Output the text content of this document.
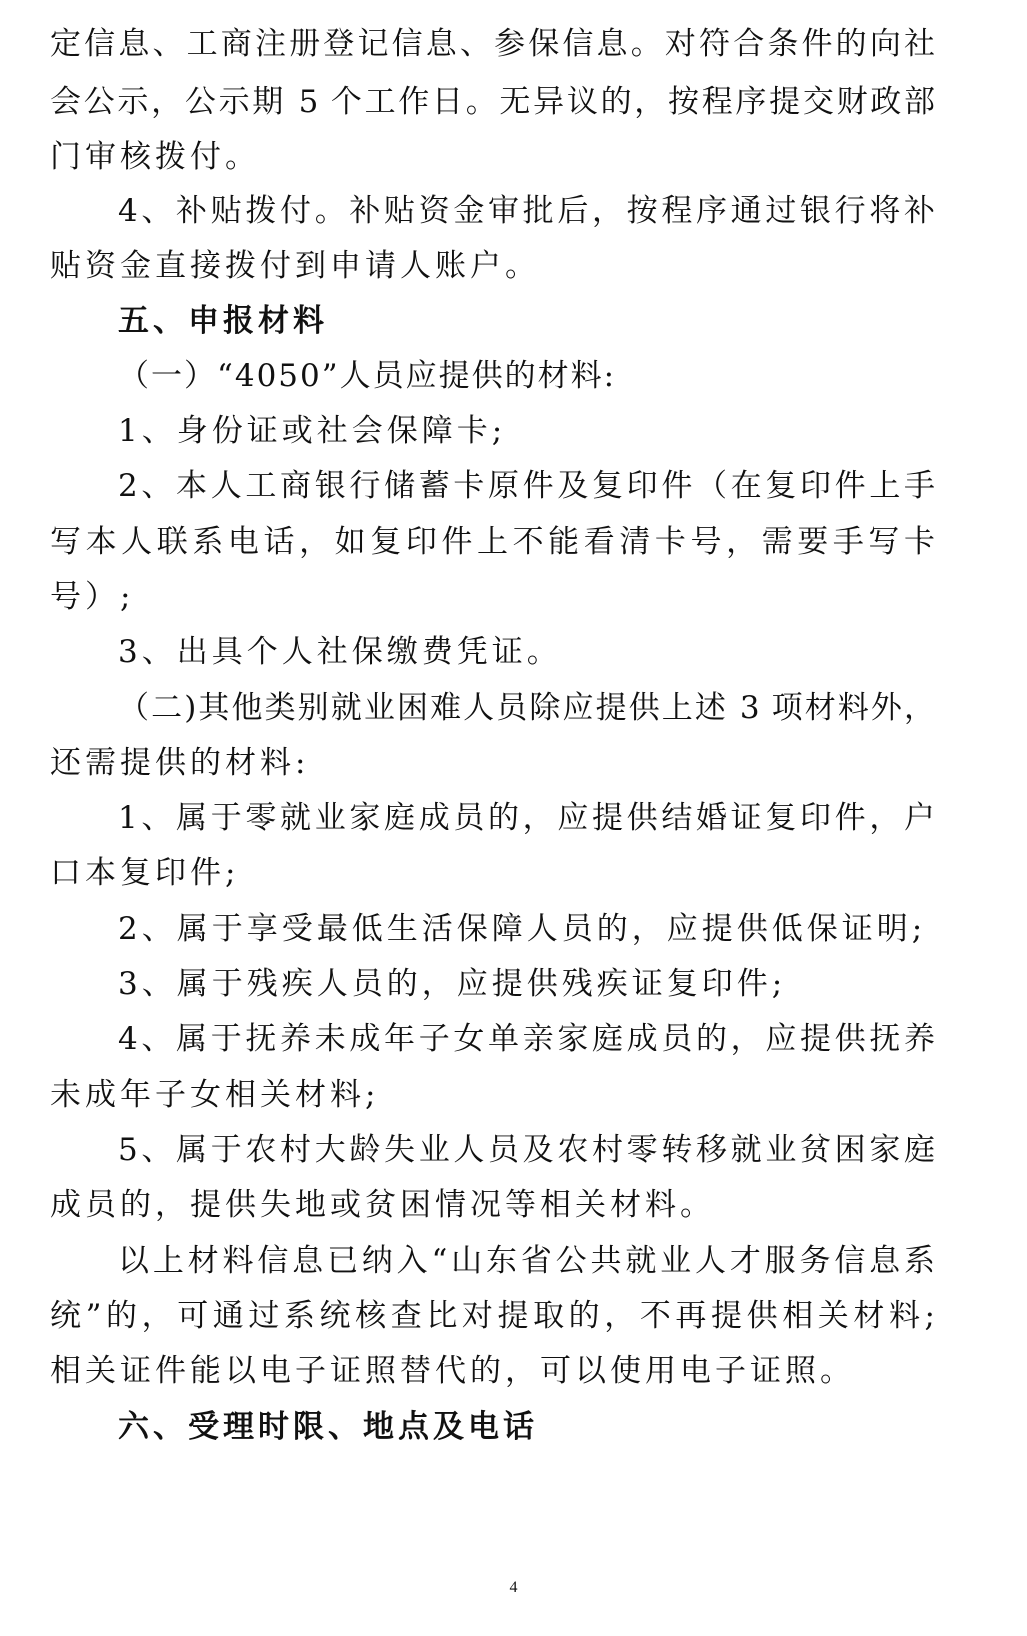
定信息、工商注册登记信息、参保信息。对符合条件的向社
会公示，公示期 5 个工作日。无异议的，按程序提交财政部
门审核拨付。
4、补贴拨付。补贴资金审批后，按程序通过银行将补
贴资金直接拨付到申请人账户。
五、申报材料
（一）“4050”人员应提供的材料:
1、身份证或社会保障卡;
2、本人工商银行储蓄卡原件及复印件（在复印件上手
写本人联系电话，如复印件上不能看清卡号，需要手写卡
号）;
3、出具个人社保缴费凭证。
（二)其他类别就业困难人员除应提供上述 3 项材料外，
还需提供的材料:
1、属于零就业家庭成员的，应提供结婚证复印件，户
口本复印件;
2、属于享受最低生活保障人员的，应提供低保证明;
3、属于残疾人员的，应提供残疾证复印件;
4、属于抚养未成年子女单亲家庭成员的，应提供抚养
未成年子女相关材料;
5、属于农村大龄失业人员及农村零转移就业贫困家庭
成员的，提供失地或贫困情况等相关材料。
以上材料信息已纳入“山东省公共就业人才服务信息系
统”的，可通过系统核查比对提取的，不再提供相关材料;
相关证件能以电子证照替代的，可以使用电子证照。
六、受理时限、地点及电话
4
